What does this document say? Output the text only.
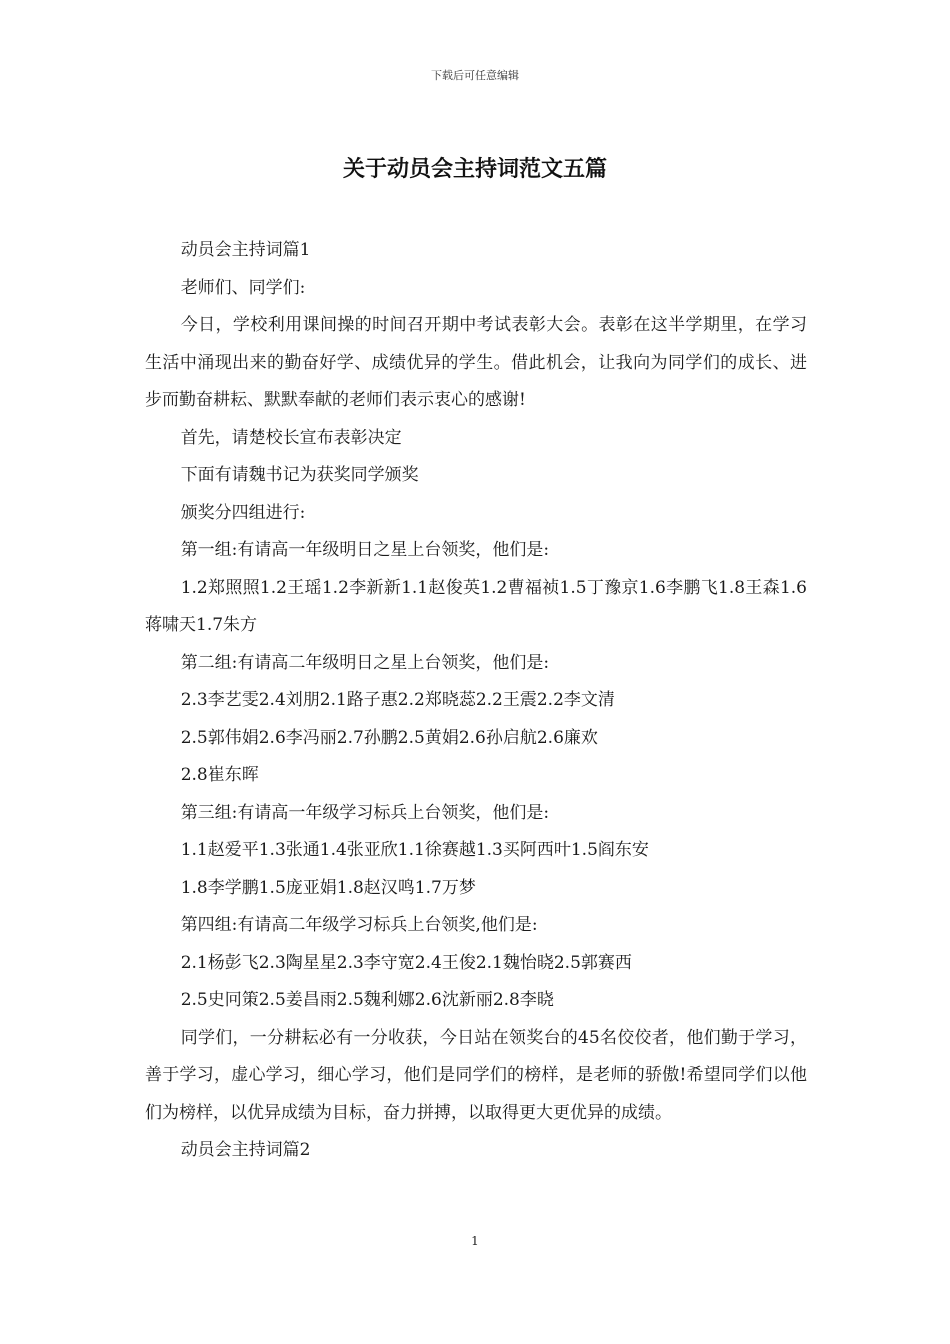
下载后可任意编辑
关于动员会主持词范文五篇

动员会主持词篇1

老师们、同学们:

今日，学校利用课间操的时间召开期中考试表彰大会。表彰在这半学期里，在学习生活中涌现出来的勤奋好学、成绩优异的学生。借此机会，让我向为同学们的成长、进步而勤奋耕耘、默默奉献的老师们表示衷心的感谢!

首先，请楚校长宣布表彰决定

下面有请魏书记为获奖同学颁奖

颁奖分四组进行:

第一组:有请高一年级明日之星上台领奖，他们是:

1.2郑照照1.2王瑶1.2李新新1.1赵俊英1.2曹福祯1.5丁豫京1.6李鹏飞1.8王森1.6蒋啸天1.7朱方

第二组:有请高二年级明日之星上台领奖，他们是:

2.3李艺雯2.4刘朋2.1路子惠2.2郑晓蕊2.2王震2.2李文清

2.5郭伟娟2.6李冯丽2.7孙鹏2.5黄娟2.6孙启航2.6廉欢

2.8崔东晖

第三组:有请高一年级学习标兵上台领奖，他们是:

1.1赵爱平1.3张通1.4张亚欣1.1徐赛越1.3买阿西叶1.5阎东安

1.8李学鹏1.5庞亚娟1.8赵汉鸣1.7万梦

第四组:有请高二年级学习标兵上台领奖,他们是:

2.1杨彭飞2.3陶星星2.3李守宽2.4王俊2.1魏怡晓2.5郭赛西

2.5史冋策2.5姜昌雨2.5魏利娜2.6沈新丽2.8李晓

同学们，一分耕耘必有一分收获，今日站在领奖台的45名佼佼者，他们勤于学习，善于学习，虚心学习，细心学习，他们是同学们的榜样，是老师的骄傲!希望同学们以他们为榜样，以优异成绩为目标，奋力拼搏，以取得更大更优异的成绩。

动员会主持词篇2

1
